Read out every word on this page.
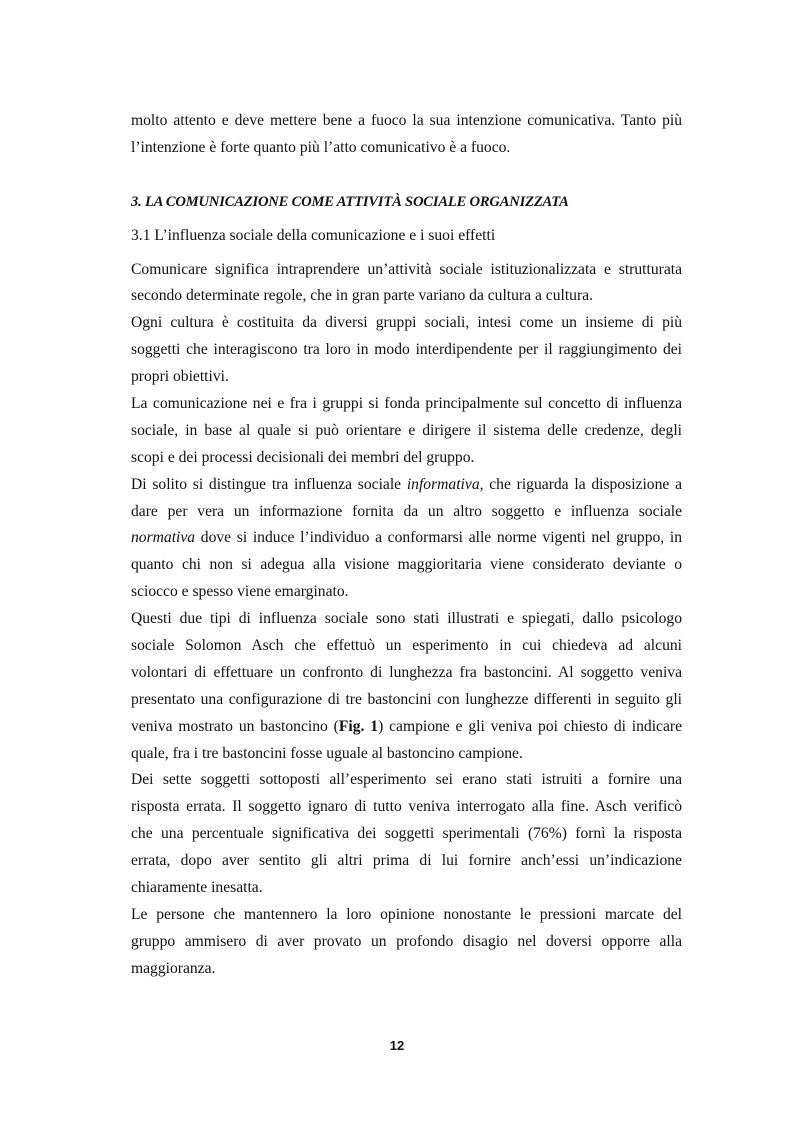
molto attento e deve mettere bene a fuoco la sua intenzione comunicativa. Tanto più
l’intenzione è forte quanto più l’atto comunicativo è a fuoco.
3. LA COMUNICAZIONE COME ATTIVITÀ SOCIALE ORGANIZZATA
3.1 L’influenza sociale della comunicazione e i suoi effetti
Comunicare significa intraprendere un’attività sociale istituzionalizzata e strutturata
secondo determinate regole, che in gran parte variano da cultura a cultura.
Ogni cultura è costituita da diversi gruppi sociali, intesi come un insieme di più
soggetti che interagiscono tra loro in modo interdipendente per il raggiungimento dei
propri obiettivi.
La comunicazione nei e fra i gruppi si fonda principalmente sul concetto di influenza
sociale, in base al quale si può orientare e dirigere il sistema delle credenze, degli
scopi e dei processi decisionali dei membri del gruppo.
Di solito si distingue tra influenza sociale informativa, che riguarda la disposizione a
dare per vera un informazione fornita da un altro soggetto e influenza sociale
normativa dove si induce l’individuo a conformarsi alle norme vigenti nel gruppo, in
quanto chi non si adegua alla visione maggioritaria viene considerato deviante o
sciocco e spesso viene emarginato.
Questi due tipi di influenza sociale sono stati illustrati e spiegati, dallo psicologo
sociale Solomon Asch che effettuò un esperimento in cui chiedeva ad alcuni
volontari di effettuare un confronto di lunghezza fra bastoncini. Al soggetto veniva
presentato una configurazione di tre bastoncini con lunghezze differenti in seguito gli
veniva mostrato un bastoncino (Fig. 1) campione e gli veniva poi chiesto di indicare
quale, fra i tre bastoncini fosse uguale al bastoncino campione.
Dei sette soggetti sottoposti all’esperimento sei erano stati istruiti a fornire una
risposta errata. Il soggetto ignaro di tutto veniva interrogato alla fine. Asch verificò
che una percentuale significativa dei soggetti sperimentali (76%) fornì la risposta
errata, dopo aver sentito gli altri prima di lui fornire anch’essi un’indicazione
chiaramente inesatta.
Le persone che mantennero la loro opinione nonostante le pressioni marcate del
gruppo ammisero di aver provato un profondo disagio nel doversi opporre alla
maggioranza.
12
